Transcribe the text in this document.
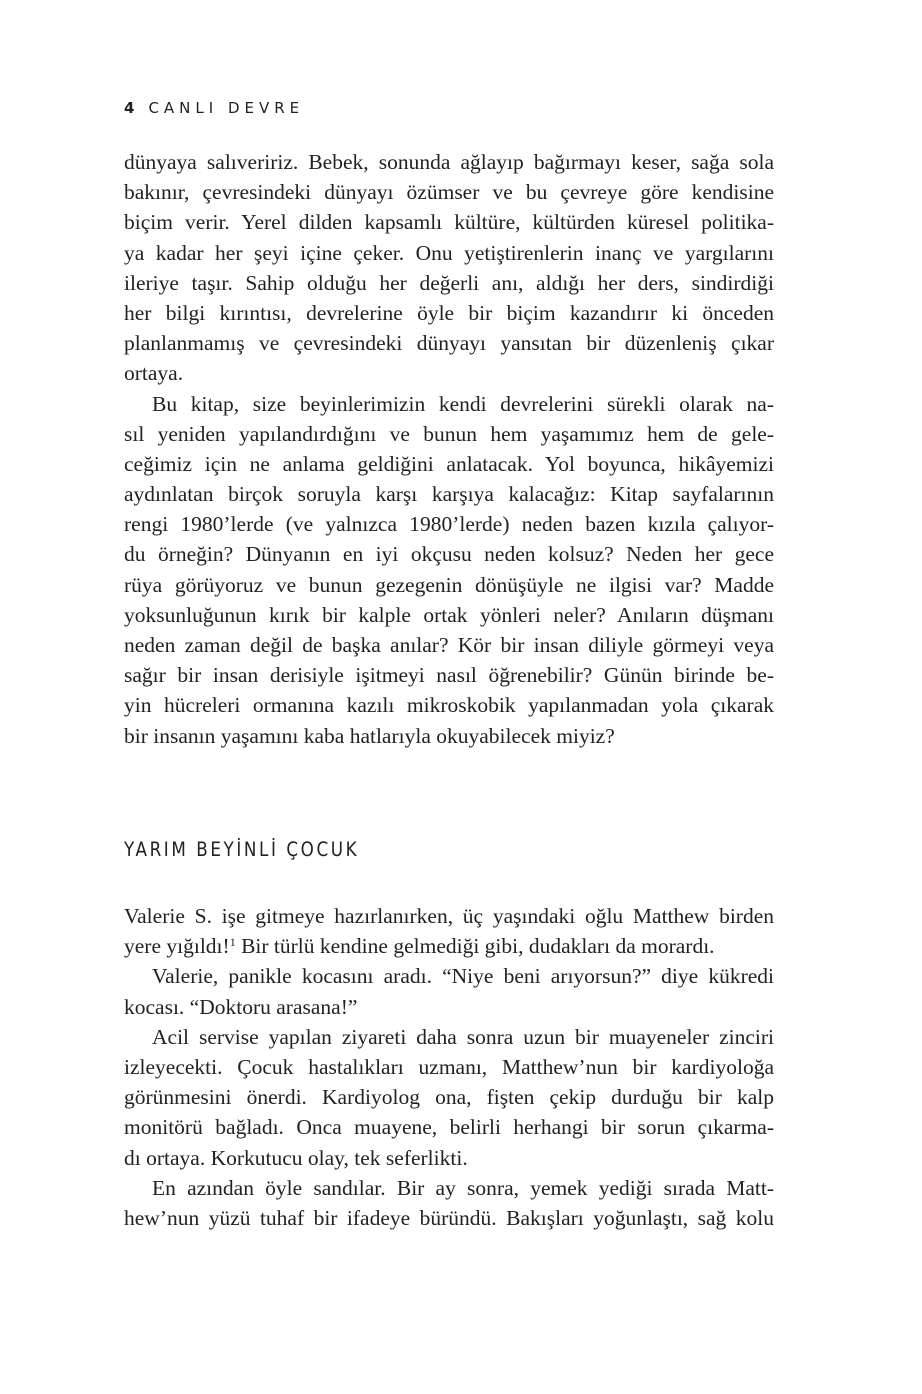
4 CANLI DEVRE
dünyaya salıveririz. Bebek, sonunda ağlayıp bağırmayı keser, sağa sola
bakınır, çevresindeki dünyayı özümser ve bu çevreye göre kendisine
biçim verir. Yerel dilden kapsamlı kültüre, kültürden küresel politika-
ya kadar her şeyi içine çeker. Onu yetiştirenlerin inanç ve yargılarını
ileriye taşır. Sahip olduğu her değerli anı, aldığı her ders, sindirdiği
her bilgi kırıntısı, devrelerine öyle bir biçim kazandırır ki önceden
planlanmamış ve çevresindeki dünyayı yansıtan bir düzenleniş çıkar
ortaya.
Bu kitap, size beyinlerimizin kendi devrelerini sürekli olarak na-
sıl yeniden yapılandırdığını ve bunun hem yaşamımız hem de gele-
ceğimiz için ne anlama geldiğini anlatacak. Yol boyunca, hikâyemizi
aydınlatan birçok soruyla karşı karşıya kalacağız: Kitap sayfalarının
rengi 1980’lerde (ve yalnızca 1980’lerde) neden bazen kızıla çalıyor-
du örneğin? Dünyanın en iyi okçusu neden kolsuz? Neden her gece
rüya görüyoruz ve bunun gezegenin dönüşüyle ne ilgisi var? Madde
yoksunluğunun kırık bir kalple ortak yönleri neler? Anıların düşmanı
neden zaman değil de başka anılar? Kör bir insan diliyle görmeyi veya
sağır bir insan derisiyle işitmeyi nasıl öğrenebilir? Günün birinde be-
yin hücreleri ormanına kazılı mikroskobik yapılanmadan yola çıkarak
bir insanın yaşamını kaba hatlarıyla okuyabilecek miyiz?
YARIM BEYİNLİ ÇOCUK
Valerie S. işe gitmeye hazırlanırken, üç yaşındaki oğlu Matthew birden
yere yığıldı!$^1$ Bir türlü kendine gelmediği gibi, dudakları da morardı.
Valerie, panikle kocasını aradı. “Niye beni arıyorsun?” diye kükredi
kocası. “Doktoru arasana!”
Acil servise yapılan ziyareti daha sonra uzun bir muayeneler zinciri
izleyecekti. Çocuk hastalıkları uzmanı, Matthew’nun bir kardiyoloğa
görünmesini önerdi. Kardiyolog ona, fişten çekip durduğu bir kalp
monitörü bağladı. Onca muayene, belirli herhangi bir sorun çıkarma-
dı ortaya. Korkutucu olay, tek seferlikti.
En azından öyle sandılar. Bir ay sonra, yemek yediği sırada Matt-
hew’nun yüzü tuhaf bir ifadeye büründü. Bakışları yoğunlaştı, sağ kolu
